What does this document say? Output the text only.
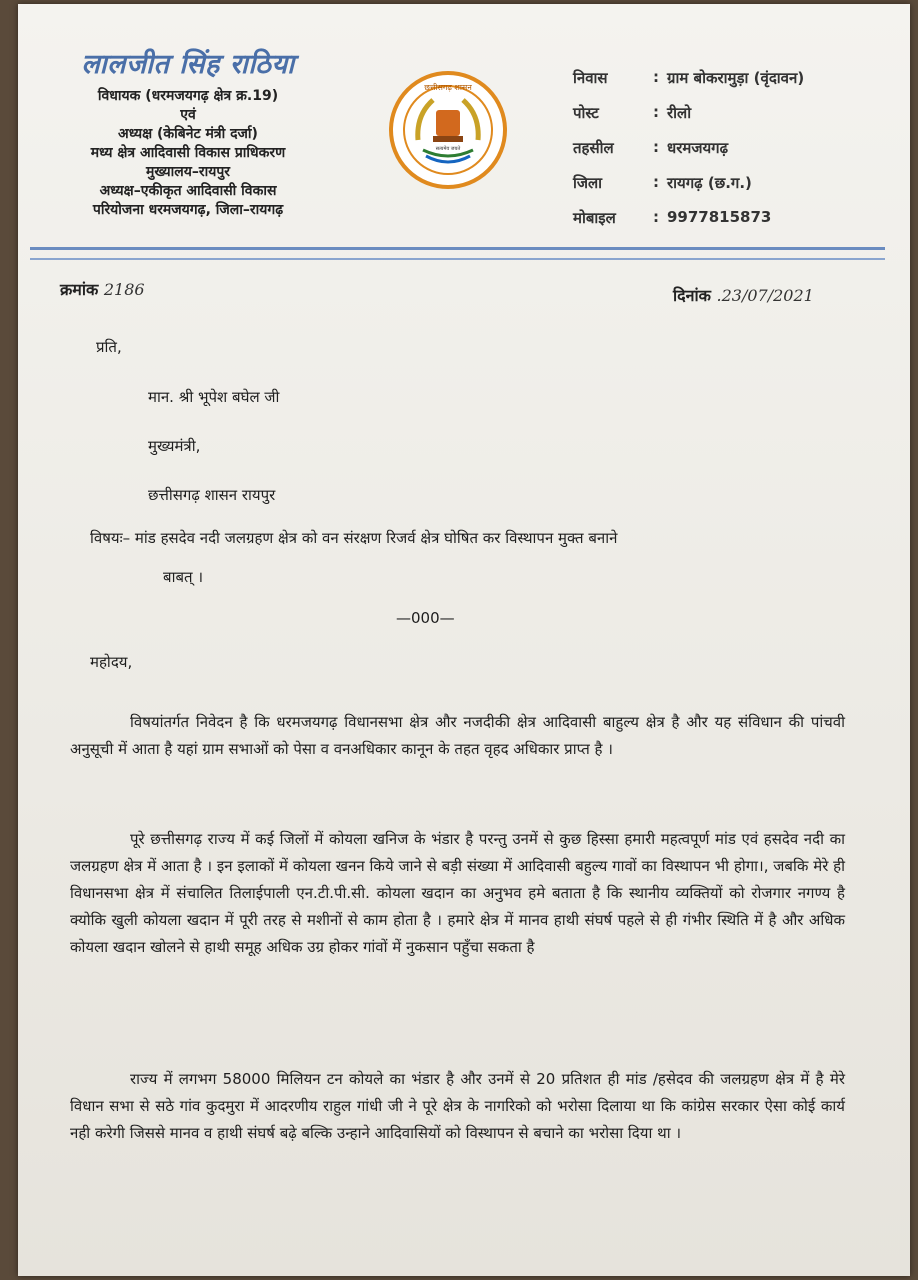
लालजीत सिंह राठिया
विधायक (धरमजयगढ़ क्षेत्र क्र.19)
एवं
अध्यक्ष (केबिनेट मंत्री दर्जा)
मध्य क्षेत्र आदिवासी विकास प्राधिकरण
मुख्यालय–रायपुर
अध्यक्ष–एकीकृत आदिवासी विकास
परियोजना धरमजयगढ़, जिला–रायगढ़
छत्तीसगढ़ शासन
सत्यमेव जयते
निवास	: ग्राम बोकरामुड़ा (वृंदावन)
पोस्ट	: रीलो
तहसील	: धरमजयगढ़
जिला	: रायगढ़ (छ.ग.)
मोबाइल	: 9977815873
क्रमांक 2186	दिनांक .23/07/2021
प्रति,
मान. श्री भूपेश बघेल जी
मुख्यमंत्री,
छत्तीसगढ़ शासन रायपुर
विषयः– मांड हसदेव नदी जलग्रहण क्षेत्र को वन संरक्षण रिजर्व क्षेत्र घोषित कर विस्थापन मुक्त बनाने
बाबत् ।
—000—
महोदय,
विषयांतर्गत निवेदन है कि धरमजयगढ़ विधानसभा क्षेत्र और नजदीकी क्षेत्र आदिवासी बाहुल्य क्षेत्र है और यह संविधान की पांचवी अनुसूची में आता है यहां ग्राम सभाओं को पेसा व वनअधिकार कानून के तहत वृहद अधिकार प्राप्त है ।
पूरे छत्तीसगढ़ राज्य में कई जिलों में कोयला खनिज के भंडार है परन्तु उनमें से कुछ हिस्सा हमारी महत्वपूर्ण मांड एवं हसदेव नदी का जलग्रहण क्षेत्र में आता है । इन इलाकों में कोयला खनन किये जाने से बड़ी संख्या में आदिवासी बहुल्य गावों का विस्थापन भी होगा।, जबकि मेरे ही विधानसभा क्षेत्र में संचालित तिलाईपाली एन.टी.पी.सी. कोयला खदान का अनुभव हमे बताता है कि स्थानीय व्यक्तियों को रोजगार नगण्य है क्योकि खुली कोयला खदान में पूरी तरह से मशीनों से काम होता है । हमारे क्षेत्र में मानव हाथी संघर्ष पहले से ही गंभीर स्थिति में है और अधिक कोयला खदान खोलने से हाथी समूह अधिक उग्र होकर गांवों में नुकसान पहुँचा सकता है
राज्य में लगभग 58000 मिलियन टन कोयले का भंडार है और उनमें से 20 प्रतिशत ही मांड /हसेदव की जलग्रहण क्षेत्र में है मेरे विधान सभा से सठे गांव कुदमुरा में आदरणीय राहुल गांधी जी ने पूरे क्षेत्र के नागरिको को भरोसा दिलाया था कि कांग्रेस सरकार ऐसा कोई कार्य नही करेगी जिससे मानव व हाथी संघर्ष बढ़े बल्कि उन्हाने आदिवासियों को विस्थापन से बचाने का भरोसा दिया था ।
